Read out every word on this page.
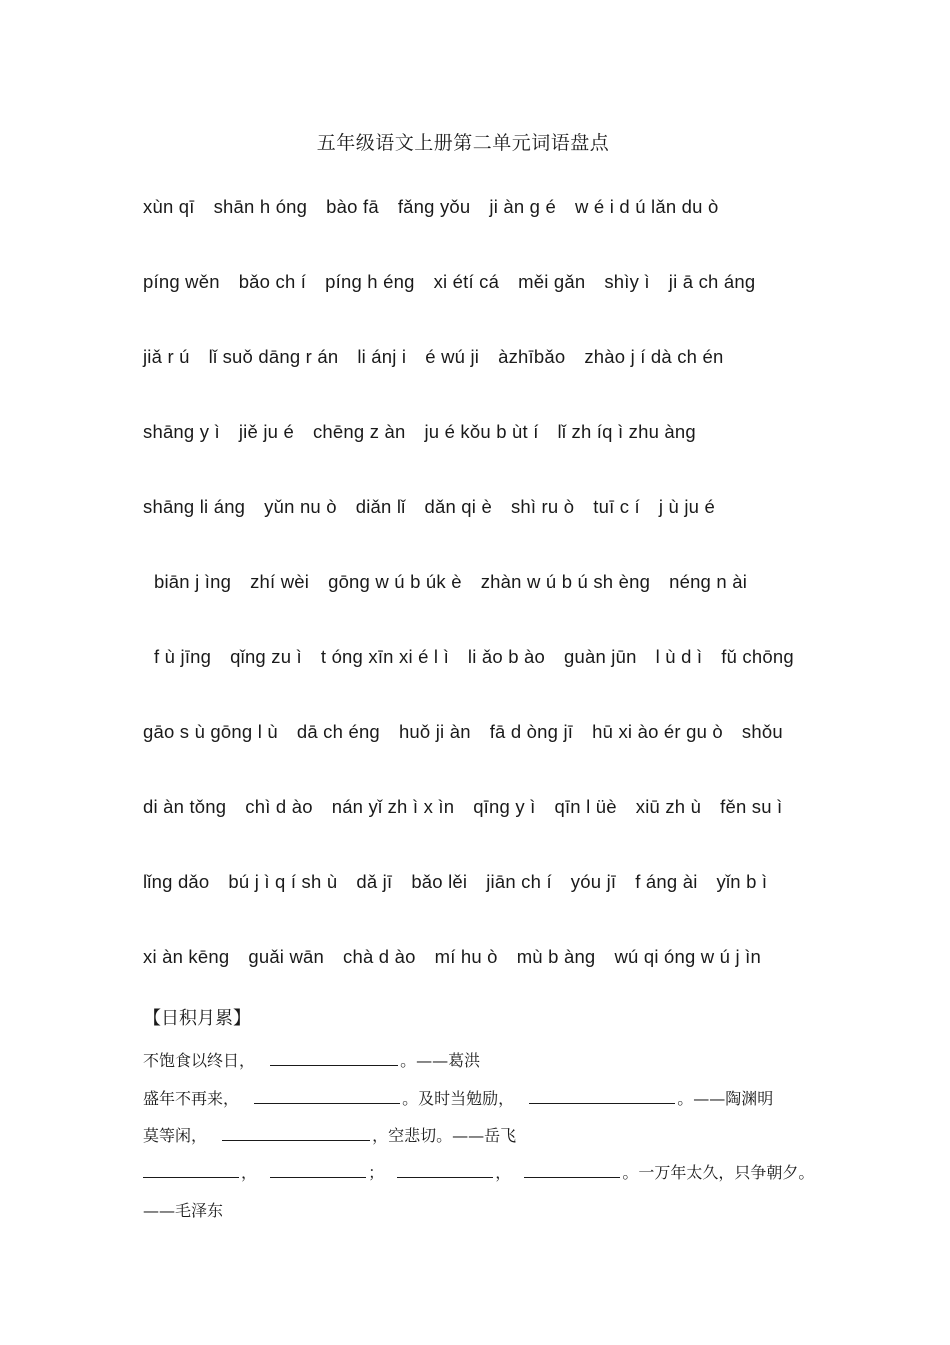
五年级语文上册第二单元词语盘点
xùn qī shān h óng bào fā fǎng yǒu ji àn g é w é i d ú lǎn du ò
píng wěn bǎo ch í píng h éng xi étí cá měi gǎn shìy ì ji ā ch áng
jiǎ r ú lǐ suǒ dāng r án li ánj i é wú ji àzhībǎo zhào j í dà ch én
shāng y ì jiě ju é chēng z àn ju é kǒu b ùt í lǐ zh íq ì zhu àng
shāng li áng yǔn nu ò diǎn lǐ dǎn qi è shì ru ò tuī c í j ù ju é
biān j ìng zhí wèi gōng w ú b úk è zhàn w ú b ú sh èng néng n ài
f ù jīng qǐng zu ì t óng xīn xi é l ì li ǎo b ào guàn jūn l ù d ì fǔ chōng
gāo s ù gōng l ù dā ch éng huǒ ji àn fā d òng jī hū xi ào ér gu ò shǒu
di àn tǒng chì d ào nán yǐ zh ì x ìn qīng y ì qīn l üè xiū zh ù fěn su ì
lǐng dǎo bú j ì q í sh ù dǎ jī bǎo lěi jiān ch í yóu jī f áng ài yǐn b ì
xi àn kēng guǎi wān chà d ào mí hu ò mù b àng wú qi óng w ú j ìn
【日积月累】
不饱食以终日，	。——葛洪
盛年不再来，	。及时当勉励，	。——陶渊明
莫等闲，	，空悲切。——岳飞
，	；	，	。一万年太久，只争朝夕。
——毛泽东
